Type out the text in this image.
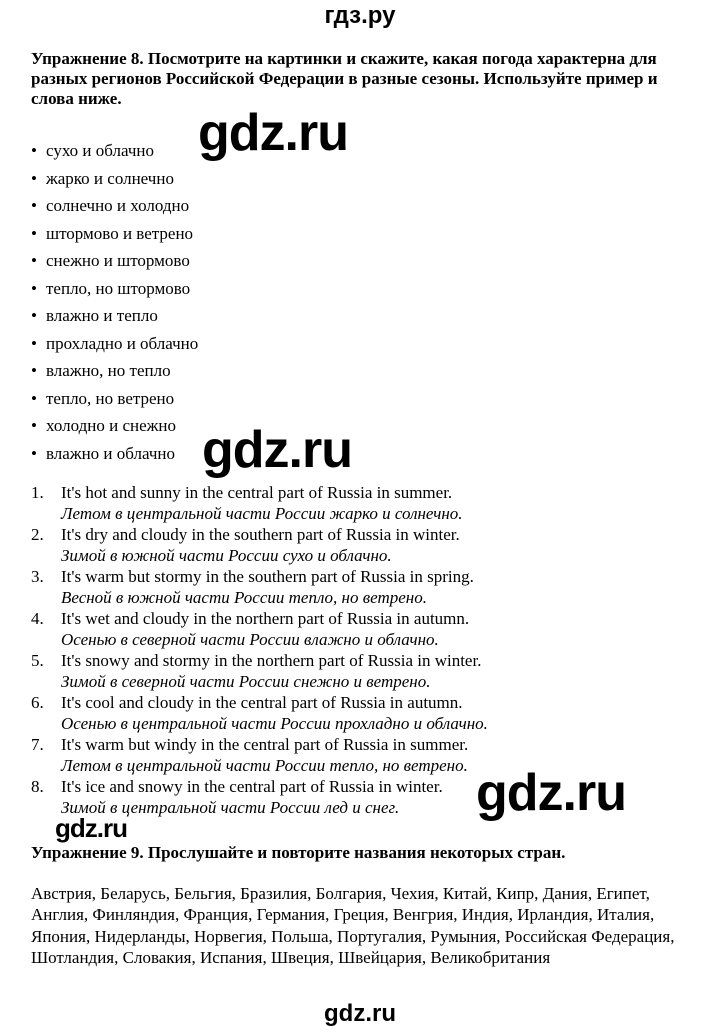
гдз.ру
Упражнение 8. Посмотрите на картинки и скажите, какая погода характерна для разных регионов Российской Федерации в разные сезоны. Используйте пример и слова ниже.
• сухо и облачно
• жарко и солнечно
• солнечно и холодно
• штормово и ветрено
• снежно и штормово
• тепло, но штормово
• влажно и тепло
• прохладно и облачно
• влажно, но тепло
• тепло, но ветрено
• холодно и снежно
• влажно и облачно
1. It's hot and sunny in the central part of Russia in summer.
Летом в центральной части России жарко и солнечно.
2. It's dry and cloudy in the southern part of Russia in winter.
Зимой в южной части России сухо и облачно.
3. It's warm but stormy in the southern part of Russia in spring.
Весной в южной части России тепло, но ветрено.
4. It's wet and cloudy in the northern part of Russia in autumn.
Осенью в северной части России влажно и облачно.
5. It's snowy and stormy in the northern part of Russia in winter.
Зимой в северной части России снежно и ветрено.
6. It's cool and cloudy in the central part of Russia in autumn.
Осенью в центральной части России прохладно и облачно.
7. It's warm but windy in the central part of Russia in summer.
Летом в центральной части России тепло, но ветрено.
8. It's ice and snowy in the central part of Russia in winter.
Зимой в центральной части России лед и снег.
Упражнение 9. Прослушайте и повторите названия некоторых стран.
Австрия, Беларусь, Бельгия, Бразилия, Болгария, Чехия, Китай, Кипр, Дания, Египет, Англия, Финляндия, Франция, Германия, Греция, Венгрия, Индия, Ирландия, Италия, Япония, Нидерланды, Норвегия, Польша, Португалия, Румыния, Российская Федерация, Шотландия, Словакия, Испания, Швеция, Швейцария, Великобритания
gdz.ru
gdz.ru
gdz.ru
gdz.ru
gdz.ru
